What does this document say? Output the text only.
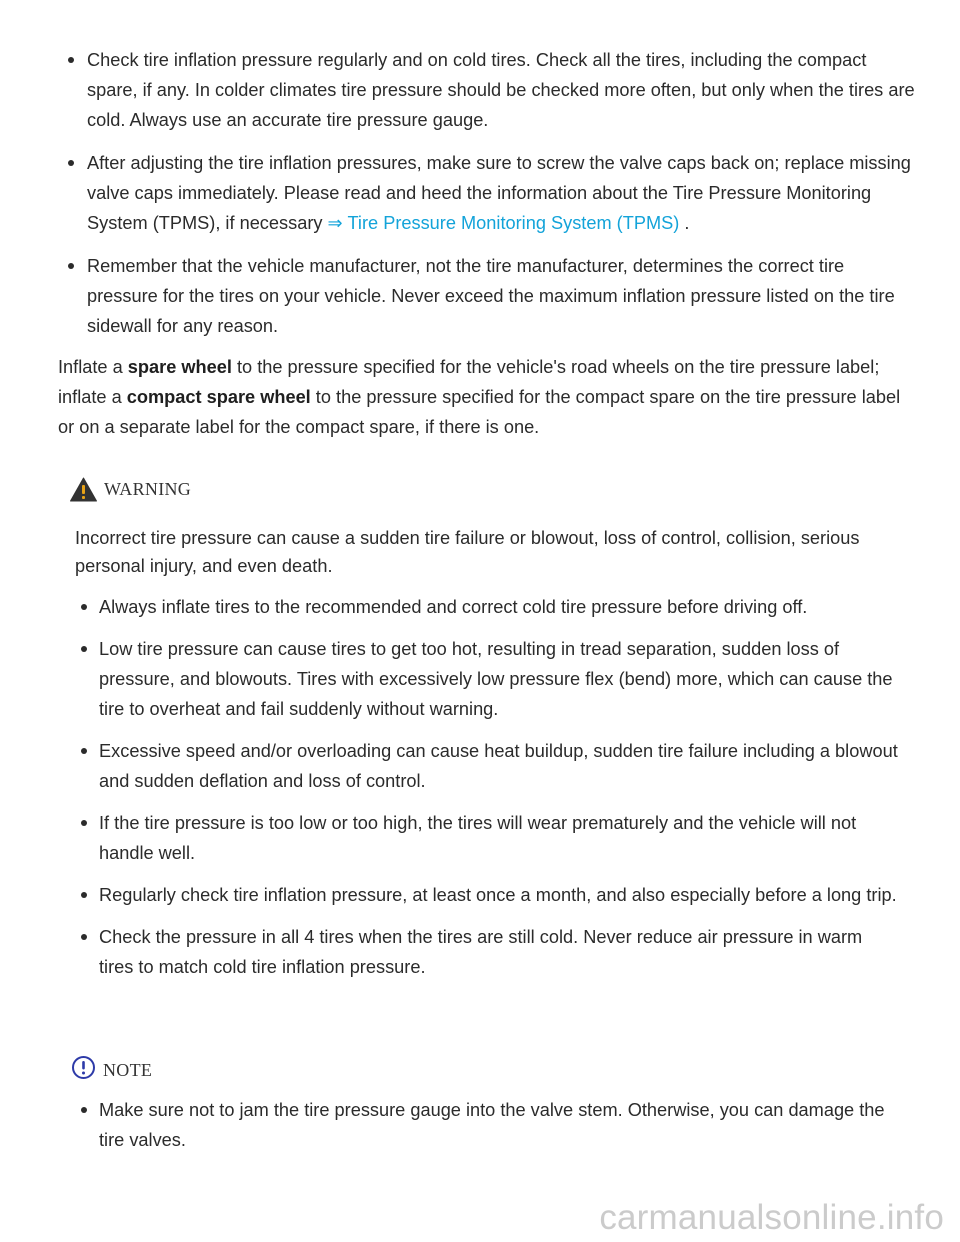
Check tire inflation pressure regularly and on cold tires. Check all the tires, including the compact spare, if any. In colder climates tire pressure should be checked more often, but only when the tires are cold. Always use an accurate tire pressure gauge.
After adjusting the tire inflation pressures, make sure to screw the valve caps back on; replace missing valve caps immediately. Please read and heed the information about the Tire Pressure Monitoring System (TPMS), if necessary ⇒ Tire Pressure Monitoring System (TPMS) .
Remember that the vehicle manufacturer, not the tire manufacturer, determines the correct tire pressure for the tires on your vehicle. Never exceed the maximum inflation pressure listed on the tire sidewall for any reason.

Inflate a spare wheel to the pressure specified for the vehicle's road wheels on the tire pressure label; inflate a compact spare wheel to the pressure specified for the compact spare on the tire pressure label or on a separate label for the compact spare, if there is one.

WARNING

Incorrect tire pressure can cause a sudden tire failure or blowout, loss of control, collision, serious personal injury, and even death.

Always inflate tires to the recommended and correct cold tire pressure before driving off.
Low tire pressure can cause tires to get too hot, resulting in tread separation, sudden loss of pressure, and blowouts. Tires with excessively low pressure flex (bend) more, which can cause the tire to overheat and fail suddenly without warning.
Excessive speed and/or overloading can cause heat buildup, sudden tire failure including a blowout and sudden deflation and loss of control.
If the tire pressure is too low or too high, the tires will wear prematurely and the vehicle will not handle well.
Regularly check tire inflation pressure, at least once a month, and also especially before a long trip.
Check the pressure in all 4 tires when the tires are still cold. Never reduce air pressure in warm tires to match cold tire inflation pressure.
NOTE
Make sure not to jam the tire pressure gauge into the valve stem. Otherwise, you can damage the tire valves.
carmanualsonline.info
